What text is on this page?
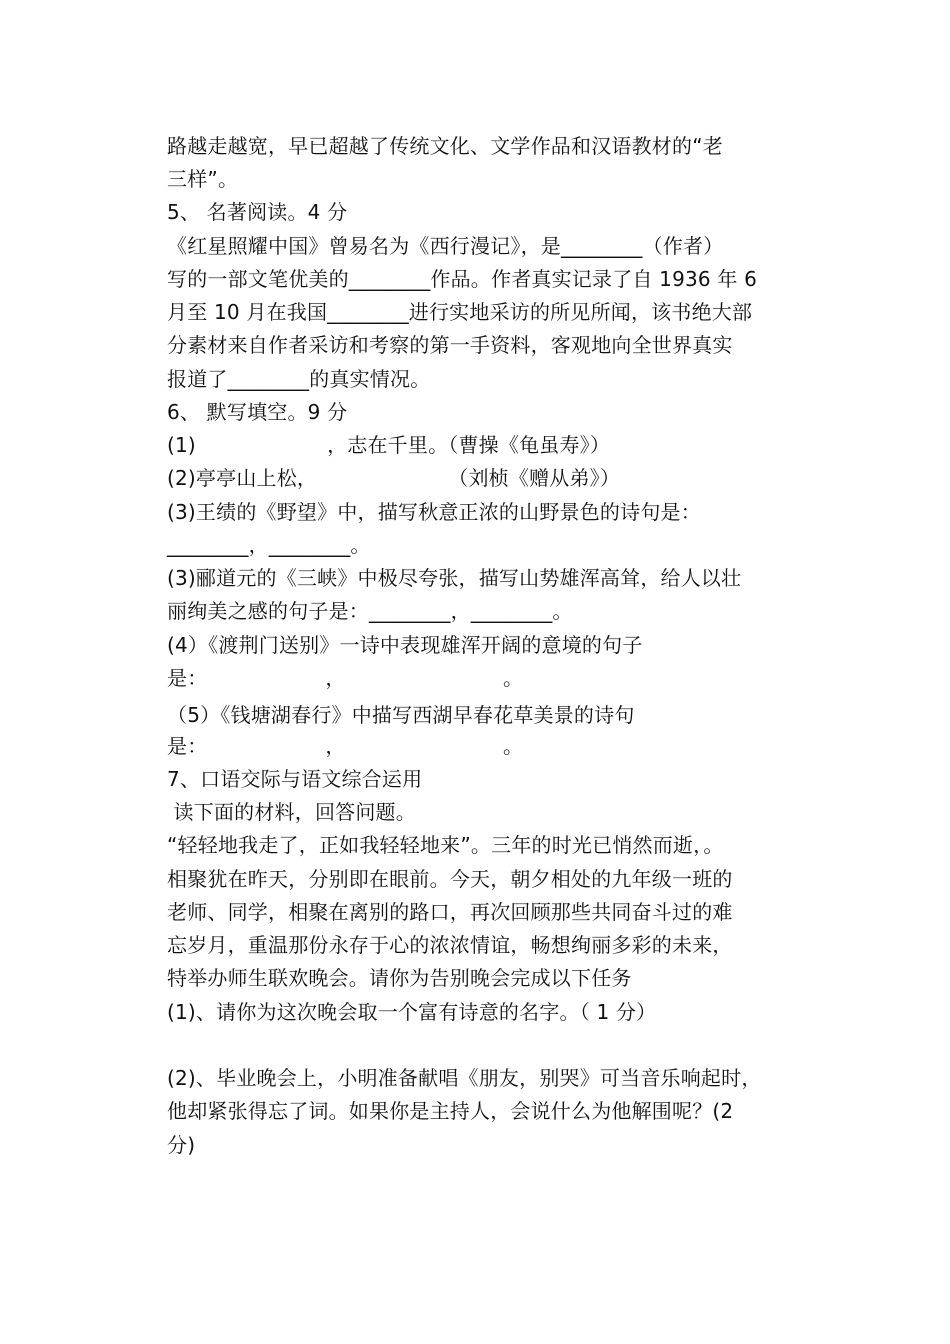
路越走越宽，早已超越了传统文化、文学作品和汉语教材的“老
三样”。
5、 名著阅读。4 分
《红星照耀中国》曾易名为《西行漫记》，是________（作者）
写的一部文笔优美的________作品。作者真实记录了自 1936 年 6
月至 10 月在我国________进行实地采访的所见所闻，该书绝大部
分素材来自作者采访和考察的第一手资料，客观地向全世界真实
报道了________的真实情况。
6、 默写填空。9 分
(1)                    ，志在千里。（曹操《龟虽寿》）
(2)亭亭山上松，                    （刘桢《赠从弟》）
(3)王绩的《野望》中，描写秋意正浓的山野景色的诗句是：
________，________。
(3)郦道元的《三峡》中极尽夸张，描写山势雄浑高耸，给人以壮
丽绚美之感的句子是：________，________。
(4）《渡荆门送别》一诗中表现雄浑开阔的意境的句子
是：                  ，                        。
（5）《钱塘湖春行》中描写西湖早春花草美景的诗句
是：                  ，                        。
7、口语交际与语文综合运用
读下面的材料，回答问题。
“轻轻地我走了，正如我轻轻地来”。三年的时光已悄然而逝，。
相聚犹在昨天，分别即在眼前。今天，朝夕相处的九年级一班的
老师、同学，相聚在离别的路口，再次回顾那些共同奋斗过的难
忘岁月，重温那份永存于心的浓浓情谊，畅想绚丽多彩的未来，
特举办师生联欢晚会。请你为告别晚会完成以下任务
(1)、请你为这次晚会取一个富有诗意的名字。（ 1 分）
(2)、毕业晚会上，小明准备献唱《朋友，别哭》可当音乐响起时，
他却紧张得忘了词。如果你是主持人，会说什么为他解围呢？(2
分)
